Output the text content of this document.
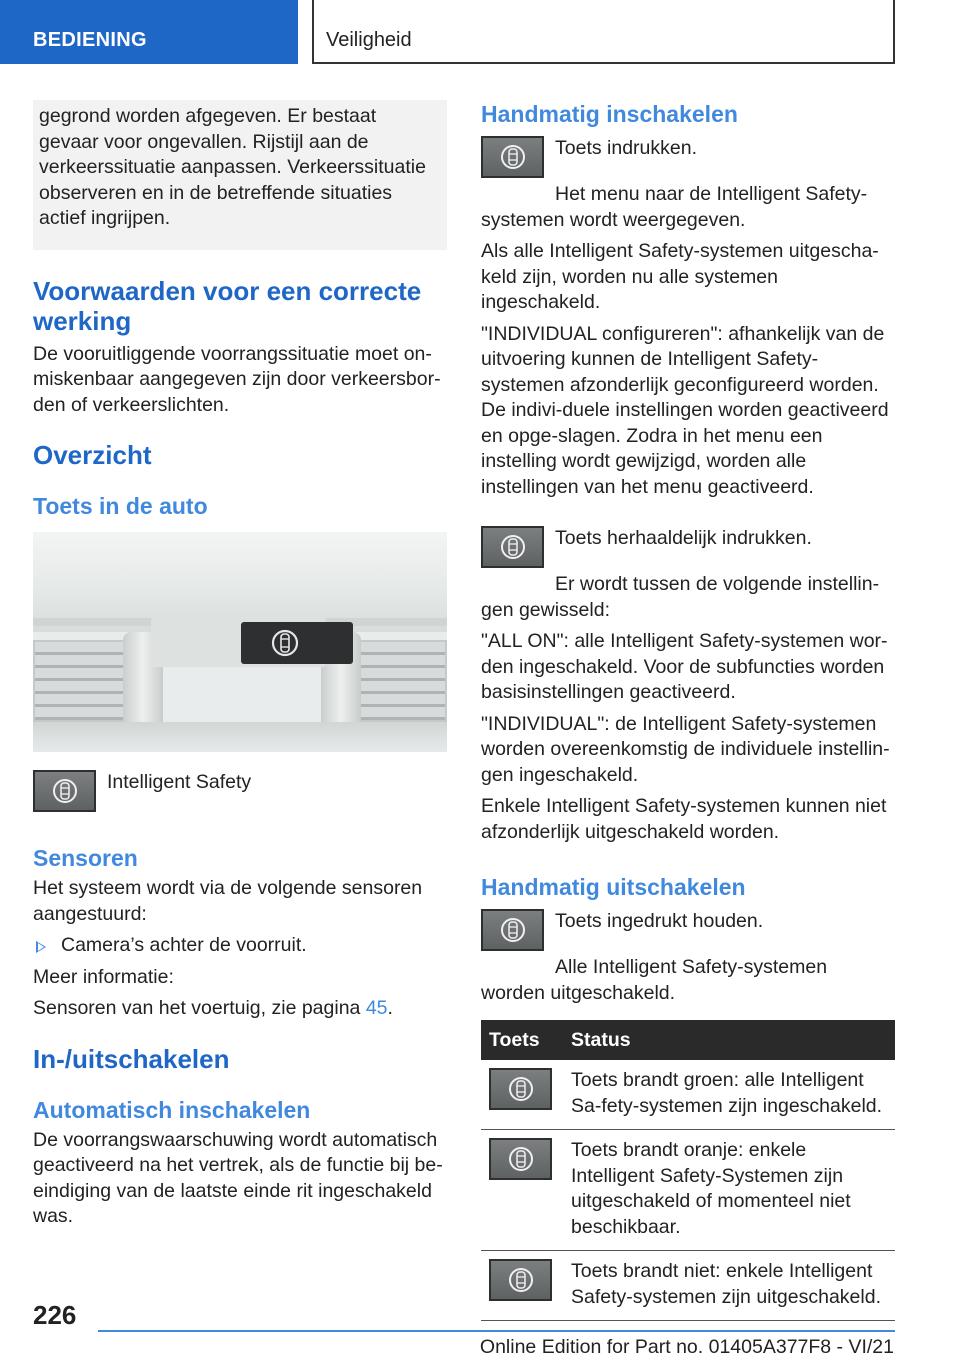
BEDIENING	Veiligheid

gegrond worden afgegeven. Er bestaat gevaar voor ongevallen. Rijstijl aan de verkeerssituatie aanpassen. Verkeerssituatie observeren en in de betreffende situaties actief ingrijpen.

Voorwaarden voor een correcte werking

De vooruitliggende voorrangssituatie moet on-miskenbaar aangegeven zijn door verkeersbor-den of verkeerslichten.

Overzicht
Toets in de auto

Intelligent Safety

Sensoren

Het systeem wordt via de volgende sensoren aangestuurd:

Camera’s achter de voorruit.

Meer informatie:

Sensoren van het voertuig, zie pagina 45.

In-/uitschakelen
Automatisch inschakelen

De voorrangswaarschuwing wordt automatisch geactiveerd na het vertrek, als de functie bij be-eindiging van de laatste einde rit ingeschakeld was.

Handmatig inschakelen

Toets indrukken.

Het menu naar de Intelligent Safety-systemen wordt weergegeven.

Als alle Intelligent Safety-systemen uitgescha-keld zijn, worden nu alle systemen ingeschakeld.

"INDIVIDUAL configureren": afhankelijk van de uitvoering kunnen de Intelligent Safety-systemen afzonderlijk geconfigureerd worden. De indivi-duele instellingen worden geactiveerd en opge-slagen. Zodra in het menu een instelling wordt gewijzigd, worden alle instellingen van het menu geactiveerd.

Toets herhaaldelijk indrukken.

Er wordt tussen de volgende instellin-gen gewisseld:

"ALL ON": alle Intelligent Safety-systemen wor-den ingeschakeld. Voor de subfuncties worden basisinstellingen geactiveerd.

"INDIVIDUAL": de Intelligent Safety-systemen worden overeenkomstig de individuele instellin-gen ingeschakeld.

Enkele Intelligent Safety-systemen kunnen niet afzonderlijk uitgeschakeld worden.

Handmatig uitschakelen

Toets ingedrukt houden.

Alle Intelligent Safety-systemen worden uitgeschakeld.

Toets	Status

	Toets brandt groen: alle Intelligent Sa-fety-systemen zijn ingeschakeld.

	Toets brandt oranje: enkele Intelligent Safety-Systemen zijn uitgeschakeld of momenteel niet beschikbaar.

	Toets brandt niet: enkele Intelligent Safety-systemen zijn uitgeschakeld.
226
Online Edition for Part no. 01405A377F8 - VI/21
